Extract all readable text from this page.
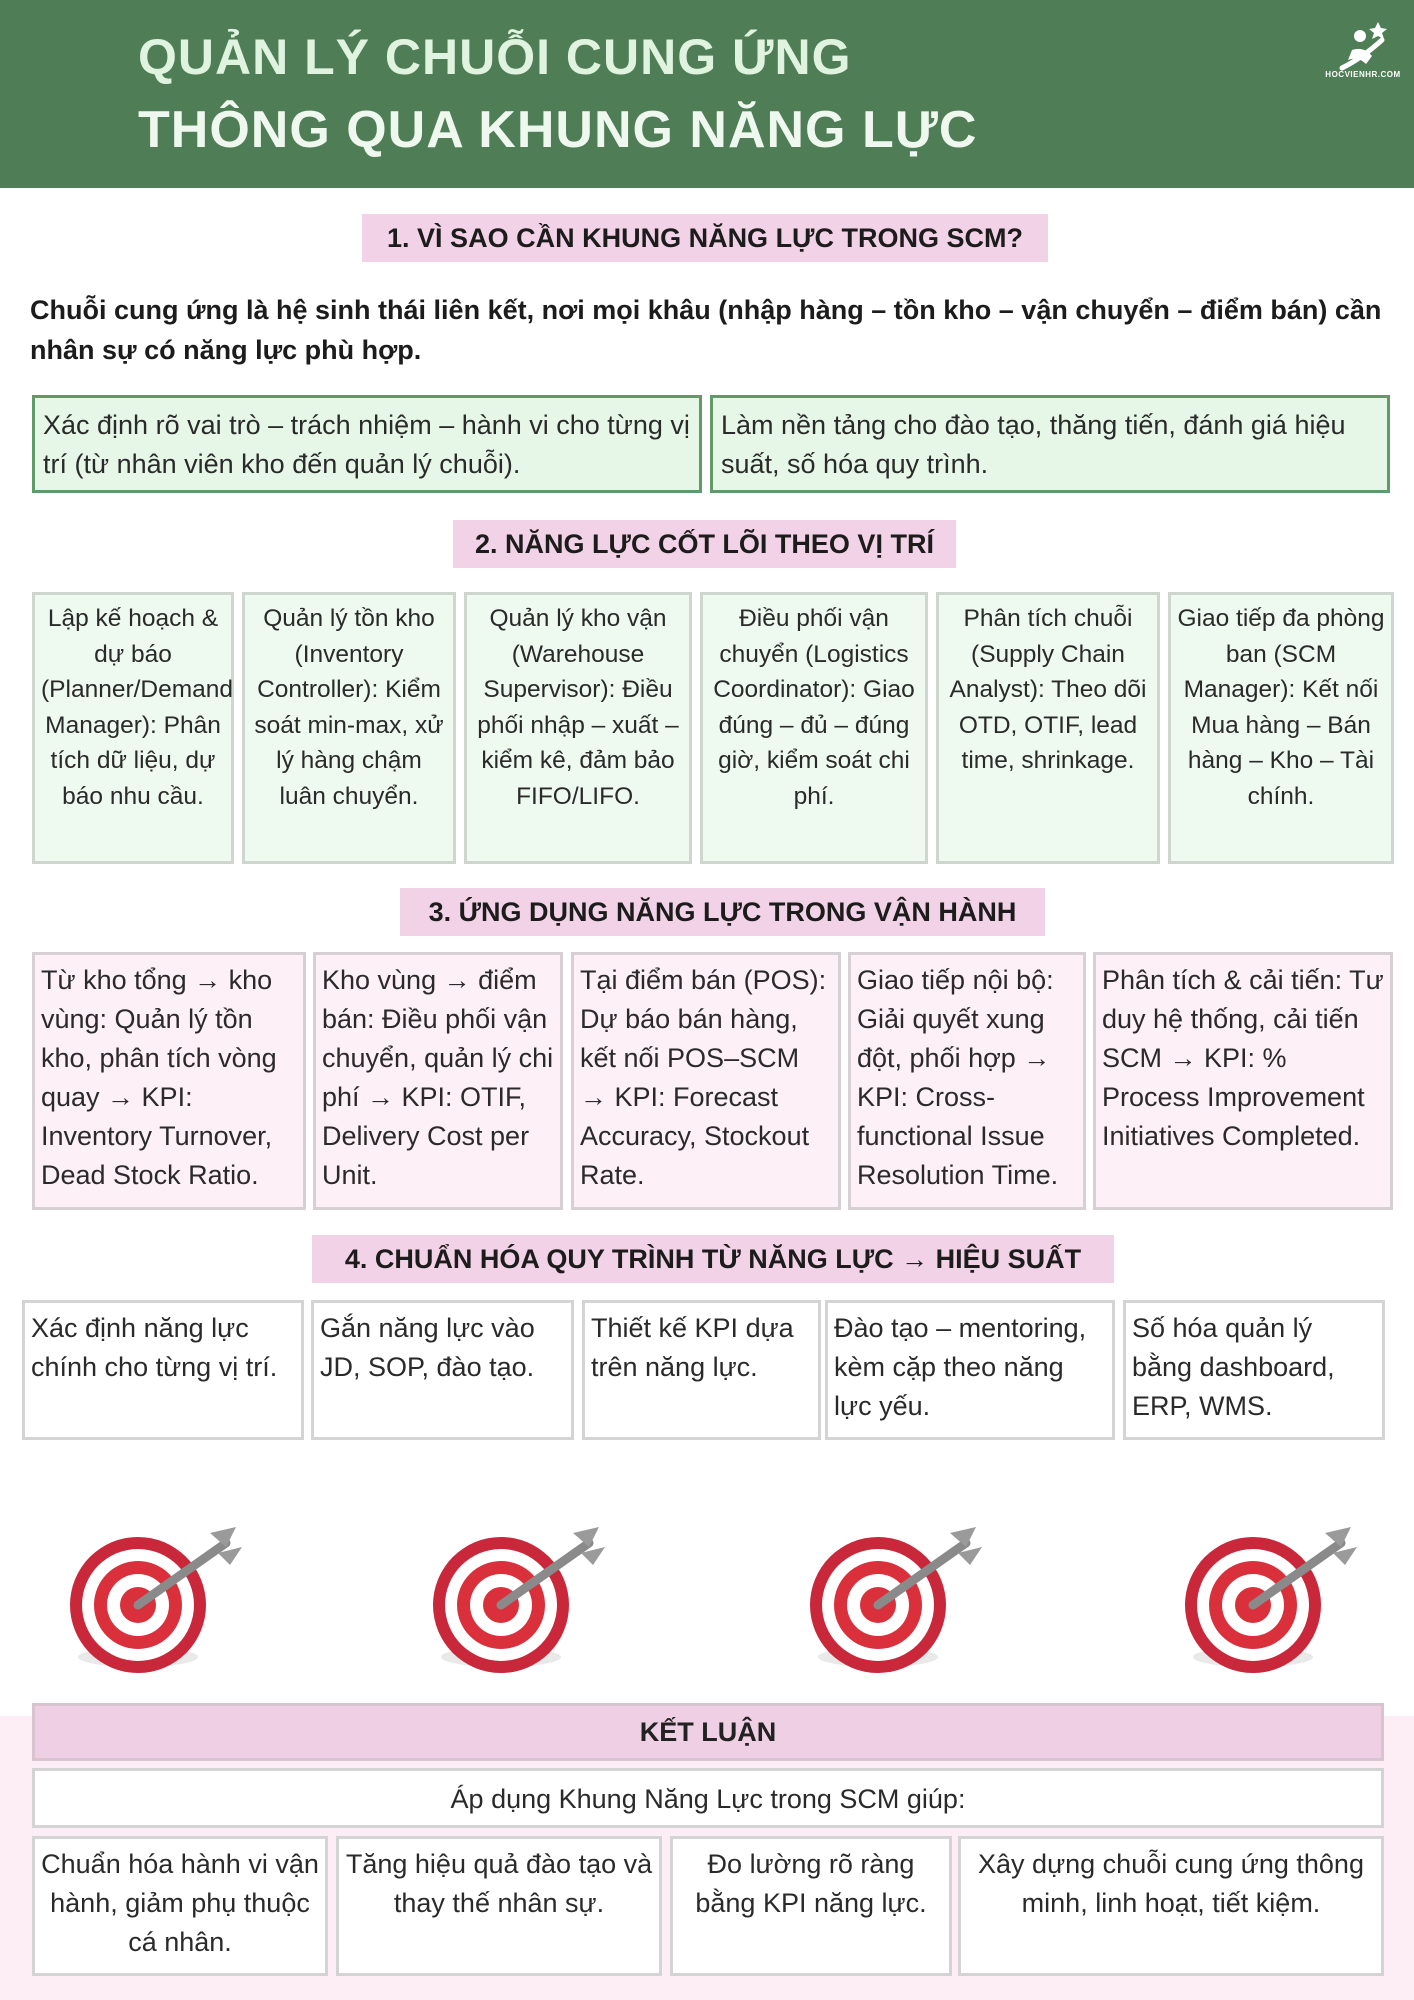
QUẢN LÝ CHUỖI CUNG ỨNG
THÔNG QUA KHUNG NĂNG LỰC
HOCVIENHR.COM
1. VÌ SAO CẦN KHUNG NĂNG LỰC TRONG SCM?
Chuỗi cung ứng là hệ sinh thái liên kết, nơi mọi khâu (nhập hàng – tồn kho – vận chuyển – điểm bán) cần nhân sự có năng lực phù hợp.
Xác định rõ vai trò – trách nhiệm – hành vi cho từng vị trí (từ nhân viên kho đến quản lý chuỗi).
Làm nền tảng cho đào tạo, thăng tiến, đánh giá hiệu suất, số hóa quy trình.
2. NĂNG LỰC CỐT LÕI THEO VỊ TRÍ
Lập kế hoạch & dự báo (Planner/Demand Manager): Phân tích dữ liệu, dự báo nhu cầu.
Quản lý tồn kho (Inventory Controller): Kiểm soát min-max, xử lý hàng chậm luân chuyển.
Quản lý kho vận (Warehouse Supervisor): Điều phối nhập – xuất – kiểm kê, đảm bảo FIFO/LIFO.
Điều phối vận chuyển (Logistics Coordinator): Giao đúng – đủ – đúng giờ, kiểm soát chi phí.
Phân tích chuỗi (Supply Chain Analyst): Theo dõi OTD, OTIF, lead time, shrinkage.
Giao tiếp đa phòng ban (SCM Manager): Kết nối Mua hàng – Bán hàng – Kho – Tài chính.
3. ỨNG DỤNG NĂNG LỰC TRONG VẬN HÀNH
Từ kho tổng → kho vùng: Quản lý tồn kho, phân tích vòng quay → KPI: Inventory Turnover, Dead Stock Ratio.
Kho vùng → điểm bán: Điều phối vận chuyển, quản lý chi phí → KPI: OTIF, Delivery Cost per Unit.
Tại điểm bán (POS): Dự báo bán hàng, kết nối POS–SCM → KPI: Forecast Accuracy, Stockout Rate.
Giao tiếp nội bộ: Giải quyết xung đột, phối hợp → KPI: Cross-functional Issue Resolution Time.
Phân tích & cải tiến: Tư duy hệ thống, cải tiến SCM → KPI: % Process Improvement Initiatives Completed.
4. CHUẨN HÓA QUY TRÌNH TỪ NĂNG LỰC → HIỆU SUẤT
Xác định năng lực chính cho từng vị trí.
Gắn năng lực vào JD, SOP, đào tạo.
Thiết kế KPI dựa trên năng lực.
Đào tạo – mentoring, kèm cặp theo năng lực yếu.
Số hóa quản lý bằng dashboard, ERP, WMS.
KẾT LUẬN
Áp dụng Khung Năng Lực trong SCM giúp:
Chuẩn hóa hành vi vận hành, giảm phụ thuộc cá nhân.
Tăng hiệu quả đào tạo và thay thế nhân sự.
Đo lường rõ ràng bằng KPI năng lực.
Xây dựng chuỗi cung ứng thông minh, linh hoạt, tiết kiệm.
